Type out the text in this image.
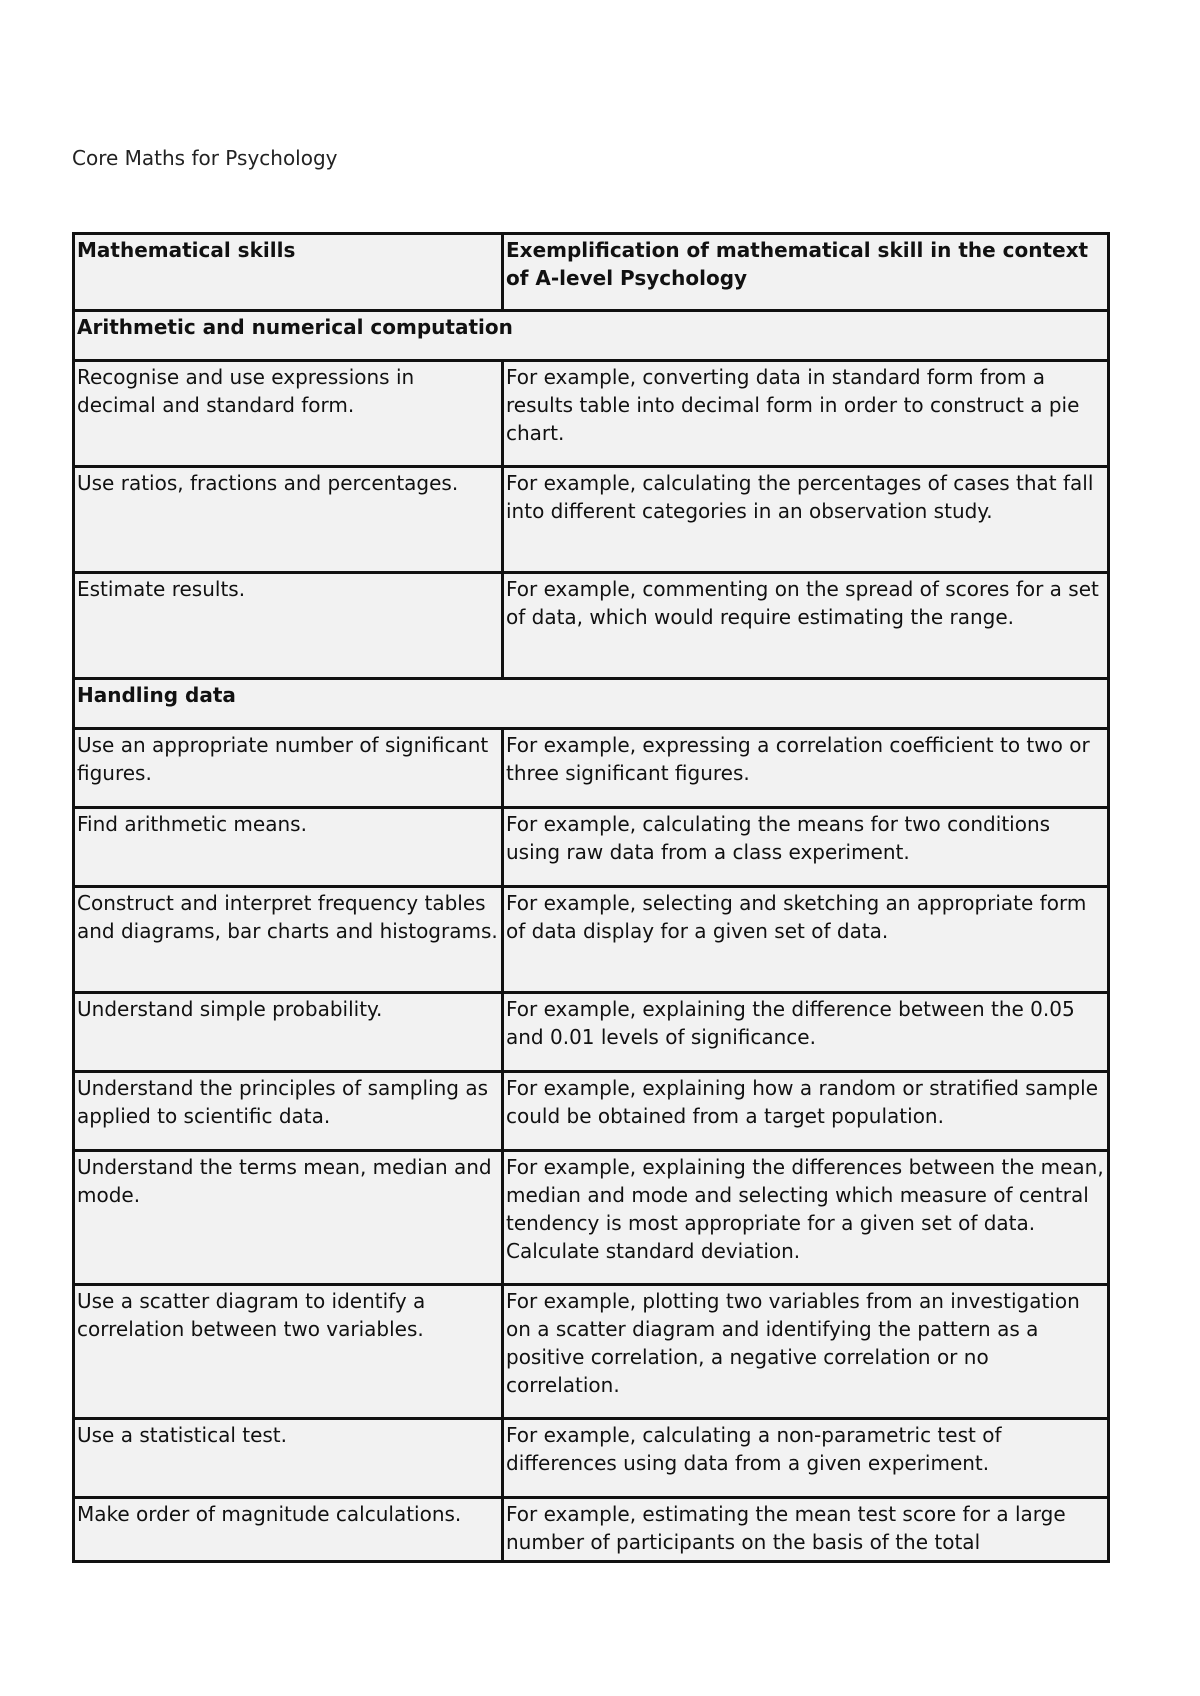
Core Maths for Psychology
Mathematical skills	Exemplification of mathematical skill in the context of A-level Psychology
Arithmetic and numerical computation	
Recognise and use expressions in decimal and standard form.	For example, converting data in standard form from a results table into decimal form in order to construct a pie chart.
Use ratios, fractions and percentages.	For example, calculating the percentages of cases that fall into different categories in an observation study.
Estimate results.	For example, commenting on the spread of scores for a set of data, which would require estimating the range.
Handling data	
Use an appropriate number of significant figures.	For example, expressing a correlation coefficient to two or three significant figures.
Find arithmetic means.	For example, calculating the means for two conditions using raw data from a class experiment.
Construct and interpret frequency tables and diagrams, bar charts and histograms.	For example, selecting and sketching an appropriate form of data display for a given set of data.
Understand simple probability.	For example, explaining the difference between the 0.05 and 0.01 levels of significance.
Understand the principles of sampling as applied to scientific data.	For example, explaining how a random or stratified sample could be obtained from a target population.
Understand the terms mean, median and mode.	For example, explaining the differences between the mean, median and mode and selecting which measure of central tendency is most appropriate for a given set of data. Calculate standard deviation.
Use a scatter diagram to identify a correlation between two variables.	For example, plotting two variables from an investigation on a scatter diagram and identifying the pattern as a positive correlation, a negative correlation or no correlation.
Use a statistical test.	For example, calculating a non-parametric test of differences using data from a given experiment.
Make order of magnitude calculations.	For example, estimating the mean test score for a large number of participants on the basis of the total
